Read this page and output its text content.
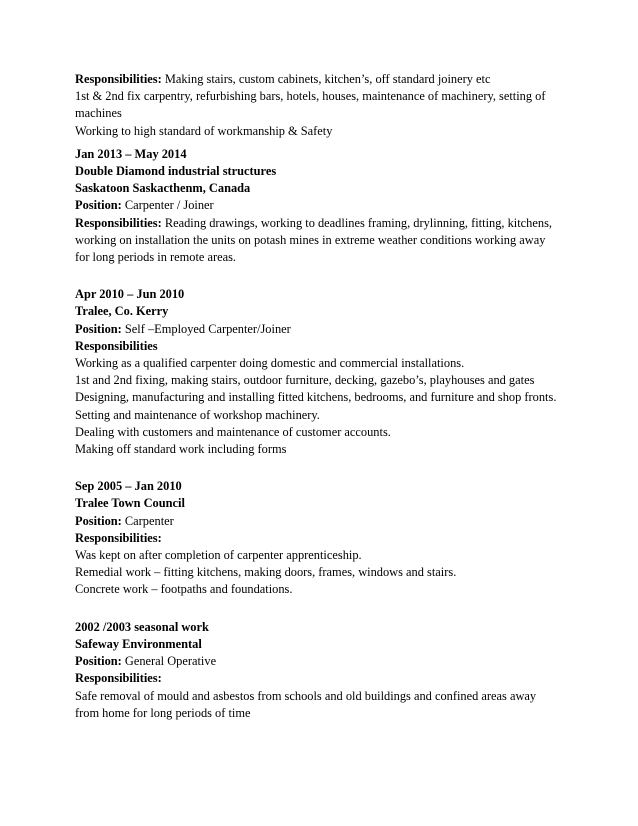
Responsibilities: Making stairs, custom cabinets, kitchen’s, off standard joinery etc
1st & 2nd fix carpentry, refurbishing bars, hotels, houses, maintenance of machinery, setting of
machines
Working to high standard of workmanship & Safety
Jan 2013 – May 2014
Double Diamond industrial structures
Saskatoon Saskacthenm, Canada
Position: Carpenter / Joiner
Responsibilities: Reading drawings, working to deadlines framing, drylinning, fitting, kitchens,
working on installation the units on potash mines in extreme weather conditions working away
for long periods in remote areas.
Apr 2010 – Jun 2010
Tralee, Co. Kerry
Position: Self –Employed Carpenter/Joiner
Responsibilities
Working as a qualified carpenter doing domestic and commercial installations.
1st and 2nd fixing, making stairs, outdoor furniture, decking, gazebo’s, playhouses and gates
Designing, manufacturing and installing fitted kitchens, bedrooms, and furniture and shop fronts.
Setting and maintenance of workshop machinery.
Dealing with customers and maintenance of customer accounts.
Making off standard work including forms
Sep 2005 – Jan 2010
Tralee Town Council
Position: Carpenter
Responsibilities:
Was kept on after completion of carpenter apprenticeship.
Remedial work – fitting kitchens, making doors, frames, windows and stairs.
Concrete work – footpaths and foundations.
2002 /2003 seasonal work
Safeway Environmental
Position: General Operative
Responsibilities:
Safe removal of mould and asbestos from schools and old buildings and confined areas away
from home for long periods of time
